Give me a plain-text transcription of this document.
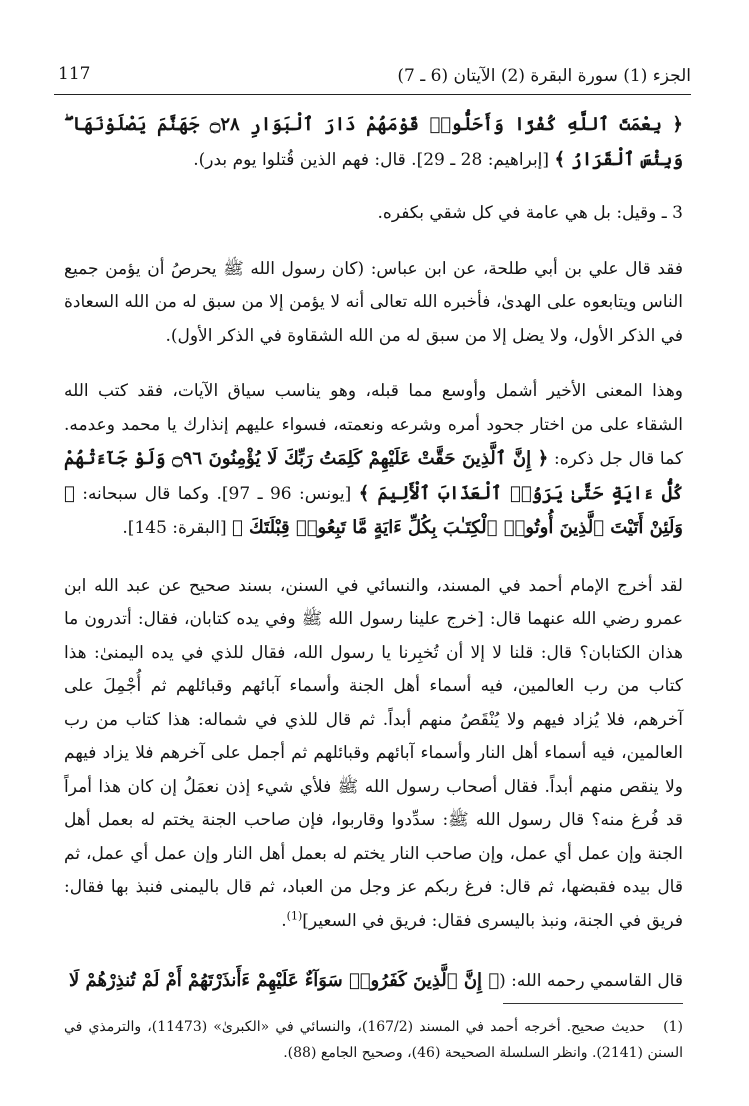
الجزء (1) سورة البقرة (2) الآيتان (6 ـ 7)
117

﴿ بِعْمَتَ ٱللَّهِ كُفْرًا وَأَحَلُّوا۟ قَوْمَهُمْ دَارَ ٱلْبَوَارِ ۝٢٨ جَهَنَّمَ يَصْلَوْنَهَا ۖ وَبِئْسَ ٱلْقَرَارُ ﴾ [إبراهيم: 28 ـ 29]. قال: فهم الذين قُتلوا يوم بدر).

3 ـ وقيل: بل هي عامة في كل شقي بكفره.

فقد قال علي بن أبي طلحة، عن ابن عباس: (كان رسول الله ﷺ يحرصُ أن يؤمن جميع الناس ويتابعوه على الهدىٰ، فأخبره الله تعالى أنه لا يؤمن إلا من سبق له من الله السعادة في الذكر الأول، ولا يضل إلا من سبق له من الله الشقاوة في الذكر الأول).

وهذا المعنى الأخير أشمل وأوسع مما قبله، وهو يناسب سياق الآيات، فقد كتب الله الشقاء على من اختار جحود أمره وشرعه ونعمته، فسواء عليهم إنذارك يا محمد وعدمه. كما قال جل ذكره: ﴿ إِنَّ ٱلَّذِينَ حَقَّتْ عَلَيْهِمْ كَلِمَتُ رَبِّكَ لَا يُؤْمِنُونَ ۝٩٦ وَلَوْ جَآءَتْهُمْ كُلُّ ءَايَةٍ حَتَّىٰ يَرَوُا۟ ٱلْعَذَابَ ٱلْأَلِيمَ ﴾ [يونس: 96 ـ 97]. وكما قال سبحانه: ﴿ وَلَئِنْ أَتَيْتَ ٱلَّذِينَ أُوتُوا۟ ٱلْكِتَـٰبَ بِكُلِّ ءَايَةٍ مَّا تَبِعُوا۟ قِبْلَتَكَ ﴾ [البقرة: 145].

لقد أخرج الإمام أحمد في المسند، والنسائي في السنن، بسند صحيح عن عبد الله ابن عمرو رضي الله عنهما قال: [خرج علينا رسول الله ﷺ وفي يده كتابان، فقال: أتدرون ما هذان الكتابان؟ قال: قلنا لا إلا أن تُخبِرنا يا رسول الله، فقال للذي في يده اليمنىٰ: هذا كتاب من رب العالمين، فيه أسماء أهل الجنة وأسماء آبائهم وقبائلهم ثم أُجْمِلَ على آخرهم، فلا يُزاد فيهم ولا يُنْقَصُ منهم أبداً. ثم قال للذي في شماله: هذا كتاب من رب العالمين، فيه أسماء أهل النار وأسماء آبائهم وقبائلهم ثم أجمل على آخرهم فلا يزاد فيهم ولا ينقص منهم أبداً. فقال أصحاب رسول الله ﷺ فلأي شيء إذن نعمَلُ إن كان هذا أمراً قد فُرغ منه؟ قال رسول الله ﷺ: سدِّدوا وقاربوا، فإن صاحب الجنة يختم له بعمل أهل الجنة وإن عمل أي عمل، وإن صاحب النار يختم له بعمل أهل النار وإن عمل أي عمل، ثم قال بيده فقبضها، ثم قال: فرغ ربكم عز وجل من العباد، ثم قال باليمنى فنبذ بها فقال: فريق في الجنة، ونبذ باليسرى فقال: فريق في السعير]$^{(1)}$.

قال القاسمي رحمه الله: (﴿ إِنَّ ٱلَّذِينَ كَفَرُوا۟ سَوَآءٌ عَلَيْهِمْ ءَأَنذَرْتَهُمْ أَمْ لَمْ تُنذِرْهُمْ لَا

(1) حديث صحيح. أخرجه أحمد في المسند (167/2)، والنسائي في «الكبرىٰ» (11473)، والترمذي في السنن (2141). وانظر السلسلة الصحيحة (46)، وصحيح الجامع (88).
